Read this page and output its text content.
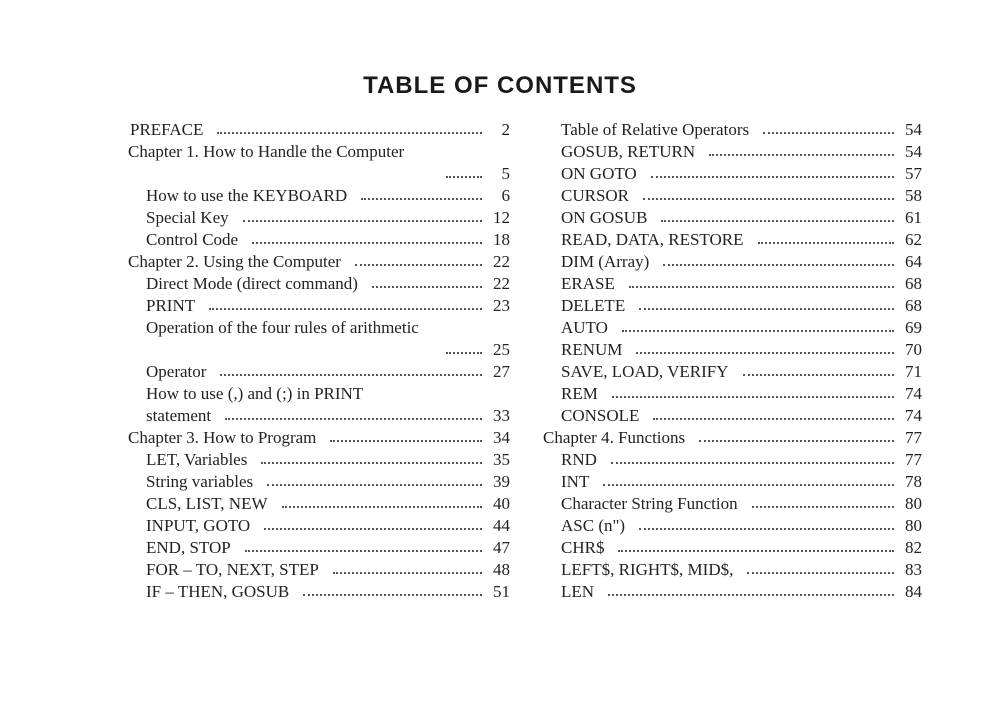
TABLE OF CONTENTS
PREFACE	2
Chapter 1. How to Handle the Computer
5
How to use the KEYBOARD	6
Special Key	12
Control Code	18
Chapter 2. Using the Computer	22
Direct Mode (direct command)	22
PRINT	23
Operation of the four rules of arithmetic
25
Operator	27
How to use (,) and (;) in PRINT
statement	33
Chapter 3. How to Program	34
LET, Variables	35
String variables	39
CLS, LIST, NEW	40
INPUT, GOTO	44
END, STOP	47
FOR – TO, NEXT, STEP	48
IF – THEN, GOSUB	51
Table of Relative Operators	54
GOSUB, RETURN	54
ON GOTO	57
CURSOR	58
ON GOSUB	61
READ, DATA, RESTORE	62
DIM (Array)	64
ERASE	68
DELETE	68
AUTO	69
RENUM	70
SAVE, LOAD, VERIFY	71
REM	74
CONSOLE	74
Chapter 4. Functions	77
RND	77
INT	78
Character String Function	80
ASC (n")	80
CHR$	82
LEFT$, RIGHT$, MID$,	83
LEN	84
